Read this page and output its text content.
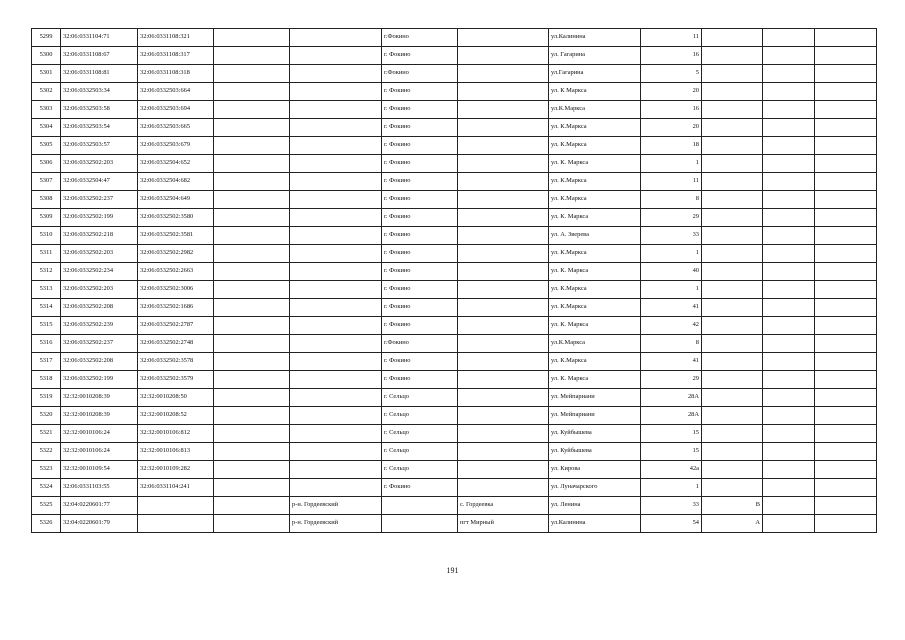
5299	32:06:0331104:71	32:06:0331108:321			г.Фокино		ул.Калинина	11			
5300	32:06:0331108:67	32:06:0331108:317			г. Фокино		ул. Гагарина	16			
5301	32:06:0331108:81	32:06:0331108:318			г.Фокино		ул.Гагарина	5			
5302	32:06:0332503:34	32:06:0332503:664			г. Фокино		ул. К Маркса	20			
5303	32:06:0332503:58	32:06:0332503:694			г. Фокино		ул.К.Маркса	16			
5304	32:06:0332503:54	32:06:0332503:665			г. Фокино		ул. К.Маркса	20			
5305	32:06:0332503:57	32:06:0332503:679			г. Фокино		ул. К.Маркса	18			
5306	32:06:0332502:203	32:06:0332504:652			г. Фокино		ул. К. Маркса	1			
5307	32:06:0332504:47	32:06:0332504:682			г. Фокино		ул. К.Маркса	11			
5308	32:06:0332502:237	32:06:0332504:649			г. Фокино		ул. К.Маркса	8			
5309	32:06:0332502:199	32:06:0332502:3580			г. Фокино		ул. К. Маркса	29			
5310	32:06:0332502:218	32:06:0332502:3581			г. Фокино		ул. А. Зверева	33			
5311	32:06:0332502:203	32:06:0332502:2982			г. Фокино		ул. К.Маркса	1			
5312	32:06:0332502:234	32:06:0332502:2663			г. Фокино		ул. К. Маркса	40			
5313	32:06:0332502:203	32:06:0332502:3006			г. Фокино		ул. К.Маркса	1			
5314	32:06:0332502:208	32:06:0332502:1686			г. Фокино		ул. К.Маркса	41			
5315	32:06:0332502:239	32:06:0332502:2787			г. Фокино		ул. К. Маркса	42			
5316	32:06:0332502:237	32:06:0332502:2748			г.Фокино		ул.К.Маркса	8			
5317	32:06:0332502:208	32:06:0332502:3578			г. Фокино		ул. К.Маркса	41			
5318	32:06:0332502:199	32:06:0332502:3579			г. Фокино		ул. К. Маркса	29			
5319	32:32:0010208:39	32:32:0010208:50			г. Сельцо		ул. Мейпариани	28А			
5320	32:32:0010208:39	32:32:0010208:52			г. Сельцо		ул. Мейпариани	28А			
5321	32:32:0010106:24	32:32:0010106:812			г. Сельцо		ул. Куйбышева	15			
5322	32:32:0010106:24	32:32:0010106:813			г. Сельцо		ул. Куйбышева	15			
5323	32:32:0010109:54	32:32:0010109:282			г. Сельцо		ул. Кирова	42а			
5324	32:06:0331103:55	32:06:0331104:241			г. Фокино		ул. Луначарского	1			
5325	32:04:0220601:77			р-н. Гордеевский		с. Гордеевка	ул. Ленина	33	В		
5326	32:04:0220601:79			р-н. Гордеевский		пгт Мирный	ул.Калинина	54	А		
191
